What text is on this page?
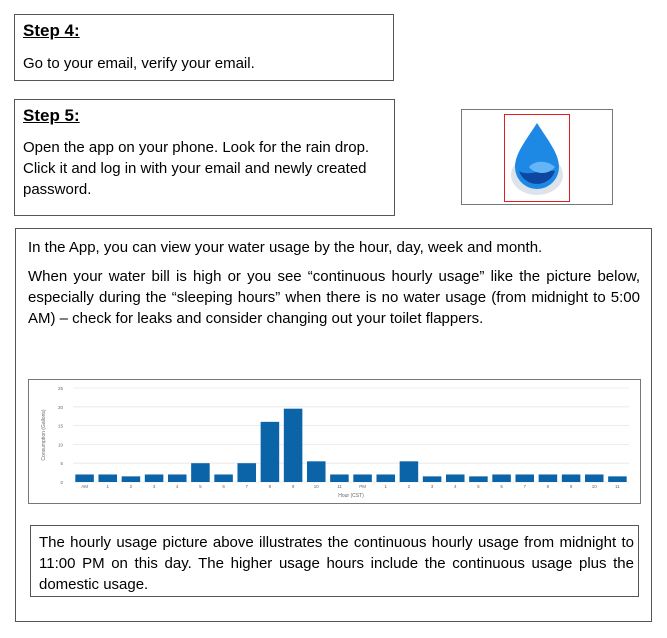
Step 4:
Go to your email, verify your email.
Step 5:
Open the app on your phone. Look for the rain drop. Click it and log in with your email and newly created password.
In the App, you can view your water usage by the hour, day, week and month.
When your water bill is high or you see “continuous hourly usage” like the picture below, especially during the “sleeping hours” when there is no water usage (from midnight to 5:00 AM) – check for leaks and consider changing out your toilet flappers.
0
5
10
15
20
25
AM	1	2	3	4	5	6	7	8	9	10	11	PM	1	2	3	4	5	6	7	8	9	10	11
Hour (CST)
Consumption (Gallons)
The hourly usage picture above illustrates the continuous hourly usage from midnight to 11:00 PM on this day. The higher usage hours include the continuous usage plus the domestic usage.
